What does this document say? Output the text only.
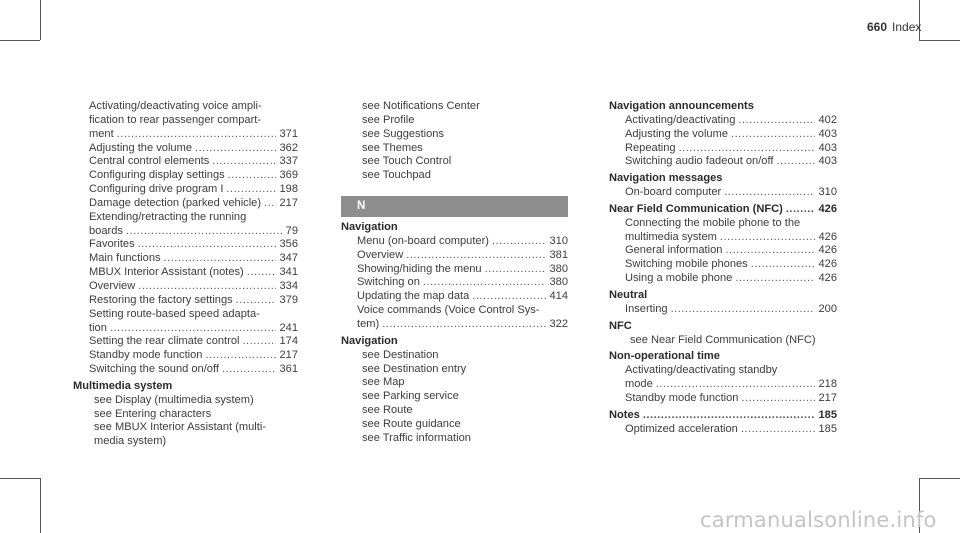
660 Index
Activating/deactivating voice ampli-
fication to rear passenger compart-
ment .....	371
Adjusting the volume .....	362
Central control elements .....	337
Configuring display settings .....	369
Configuring drive program I .....	198
Damage detection (parked vehicle) ..... 217
Extending/retracting the running
boards .....	79
Favorites .....	356
Main functions .....	347
MBUX Interior Assistant (notes) .....	341
Overview .....	334
Restoring the factory settings .....	379
Setting route-based speed adapta-
tion .....	241
Setting the rear climate control .....	174
Standby mode function .....	217
Switching the sound on/off .....	361
Multimedia system
see Display (multimedia system)
see Entering characters
see MBUX Interior Assistant (multi-
media system)
see Notifications Center
see Profile
see Suggestions
see Themes
see Touch Control
see Touchpad
N
Navigation
Menu (on-board computer) .....	310
Overview .....	381
Showing/hiding the menu .....	380
Switching on .....	380
Updating the map data .....	414
Voice commands (Voice Control Sys-
tem) .....	322
Navigation
see Destination
see Destination entry
see Map
see Parking service
see Route
see Route guidance
see Traffic information
Navigation announcements
Activating/deactivating .....	402
Adjusting the volume .....	403
Repeating .....	403
Switching audio fadeout on/off .....	403
Navigation messages
On-board computer .....	310
Near Field Communication (NFC) .....	426
Connecting the mobile phone to the
multimedia system .....	426
General information .....	426
Switching mobile phones .....	426
Using a mobile phone .....	426
Neutral
Inserting .....	200
NFC
see Near Field Communication (NFC)
Non-operational time
Activating/deactivating standby
mode .....	218
Standby mode function .....	217
Notes .....	185
Optimized acceleration .....	185
carmanualsonline.info
